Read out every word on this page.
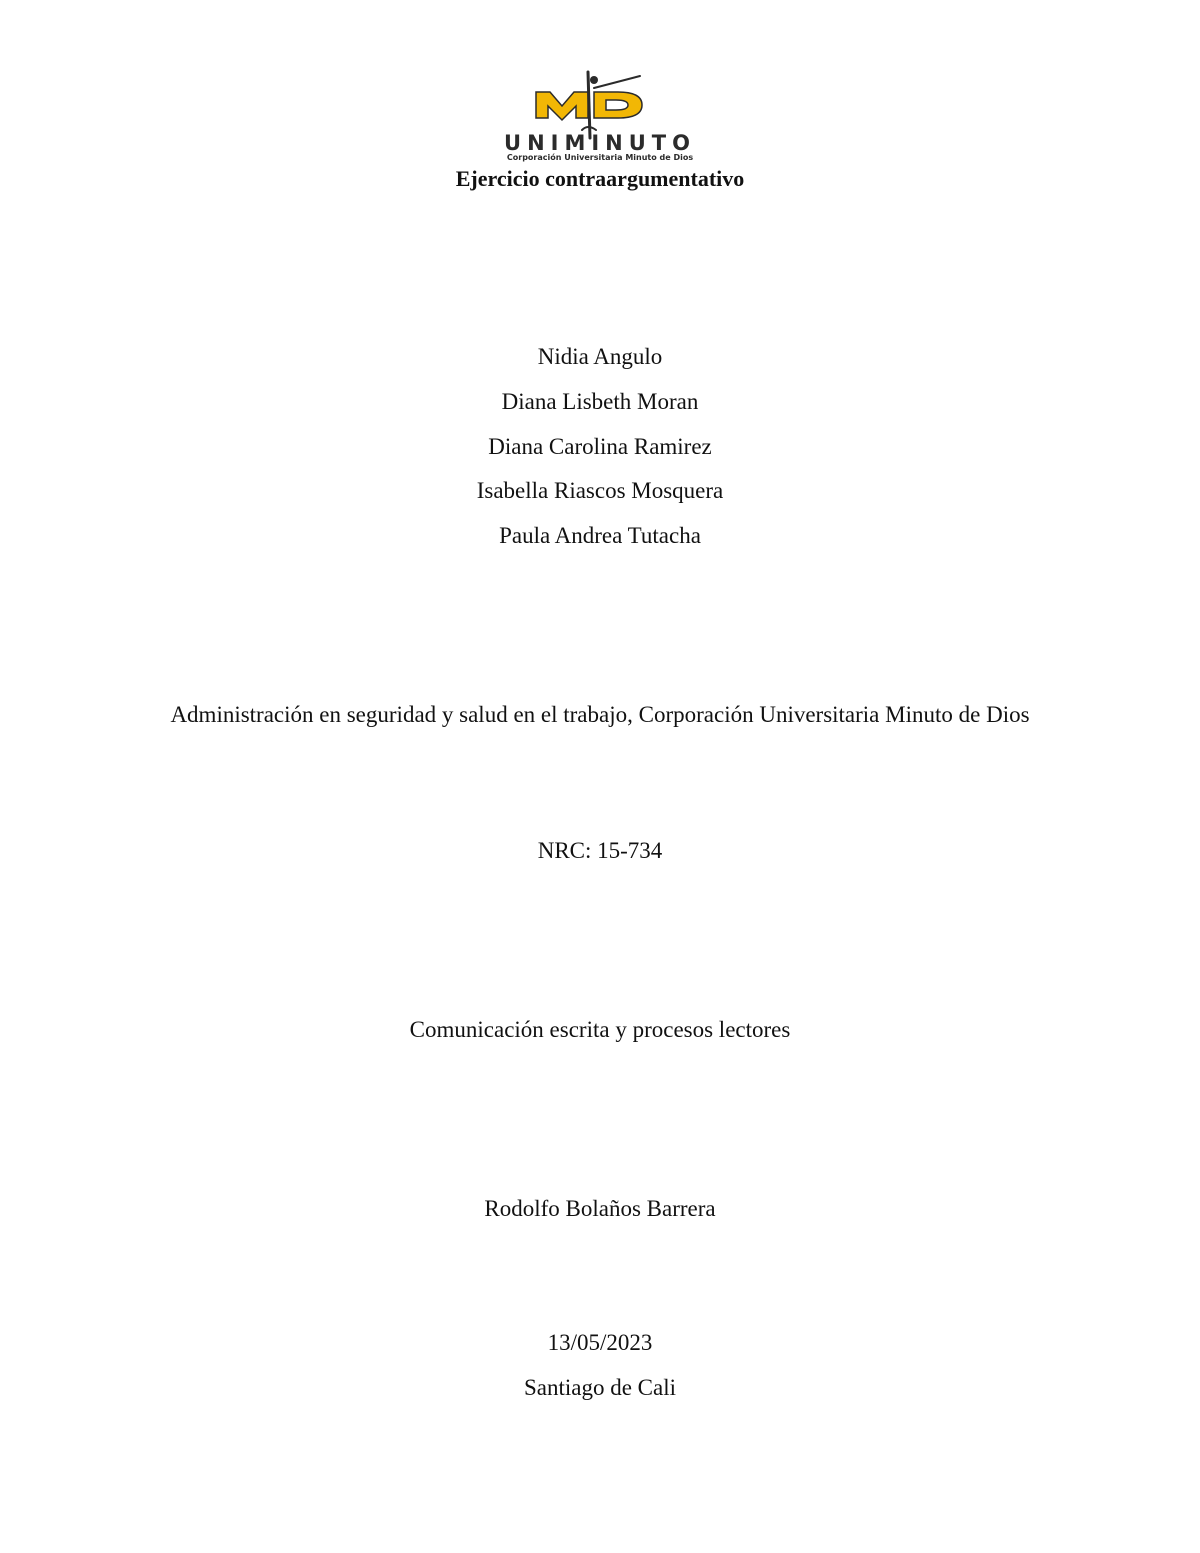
UNIMINUTO
Corporación Universitaria Minuto de Dios
Ejercicio contraargumentativo
Nidia Angulo
Diana Lisbeth Moran
Diana Carolina Ramirez
Isabella Riascos Mosquera
Paula Andrea Tutacha
Administración en seguridad y salud en el trabajo, Corporación Universitaria Minuto de Dios
NRC: 15-734
Comunicación escrita y procesos lectores
Rodolfo Bolaños Barrera
13/05/2023
Santiago de Cali
